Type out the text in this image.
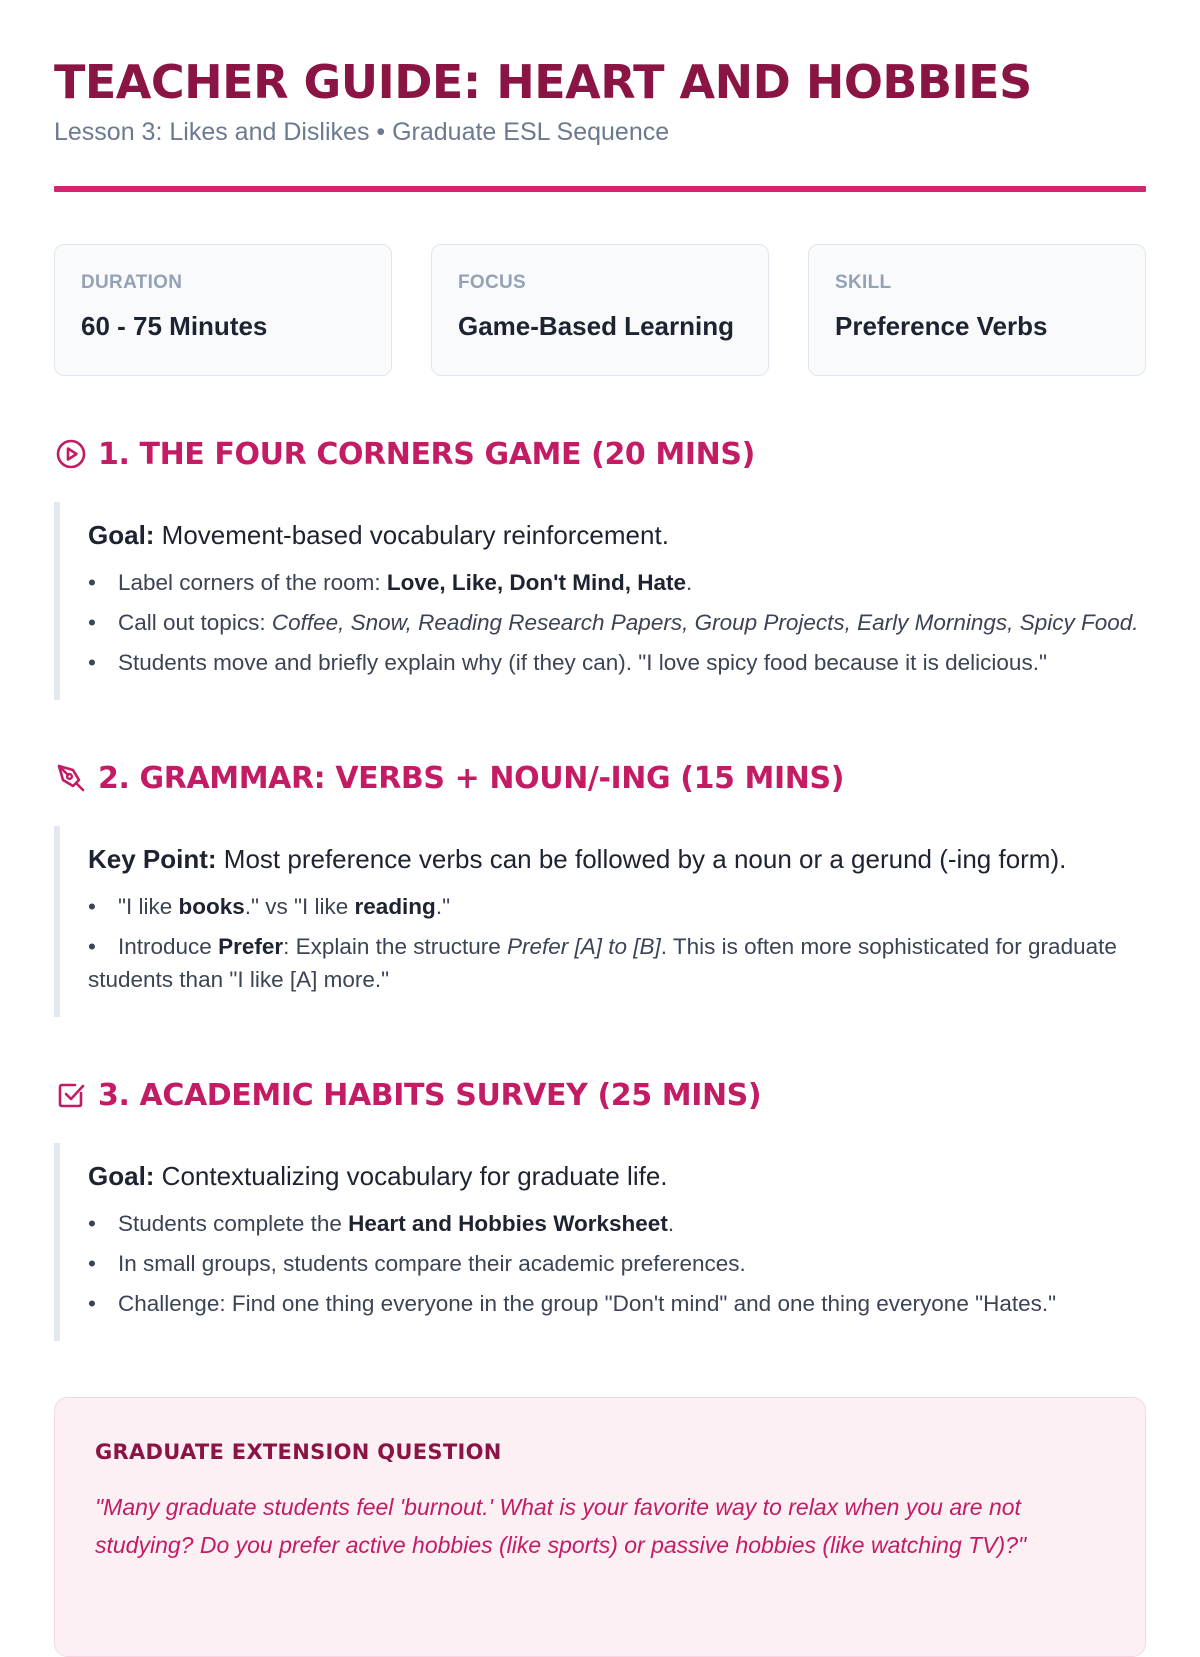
TEACHER GUIDE: HEART AND HOBBIES
Lesson 3: Likes and Dislikes • Graduate ESL Sequence
DURATION
60 - 75 Minutes
FOCUS
Game-Based Learning
SKILL
Preference Verbs
1. THE FOUR CORNERS GAME (20 MINS)
Goal: Movement-based vocabulary reinforcement.
• Label corners of the room: Love, Like, Don't Mind, Hate.
• Call out topics: Coffee, Snow, Reading Research Papers, Group Projects, Early Mornings, Spicy Food.
• Students move and briefly explain why (if they can). "I love spicy food because it is delicious."
2. GRAMMAR: VERBS + NOUN/-ING (15 MINS)
Key Point: Most preference verbs can be followed by a noun or a gerund (-ing form).
• "I like books." vs "I like reading."
• Introduce Prefer: Explain the structure Prefer [A] to [B]. This is often more sophisticated for graduate students than "I like [A] more."
3. ACADEMIC HABITS SURVEY (25 MINS)
Goal: Contextualizing vocabulary for graduate life.
• Students complete the Heart and Hobbies Worksheet.
• In small groups, students compare their academic preferences.
• Challenge: Find one thing everyone in the group "Don't mind" and one thing everyone "Hates."
GRADUATE EXTENSION QUESTION
"Many graduate students feel 'burnout.' What is your favorite way to relax when you are not studying? Do you prefer active hobbies (like sports) or passive hobbies (like watching TV)?"
